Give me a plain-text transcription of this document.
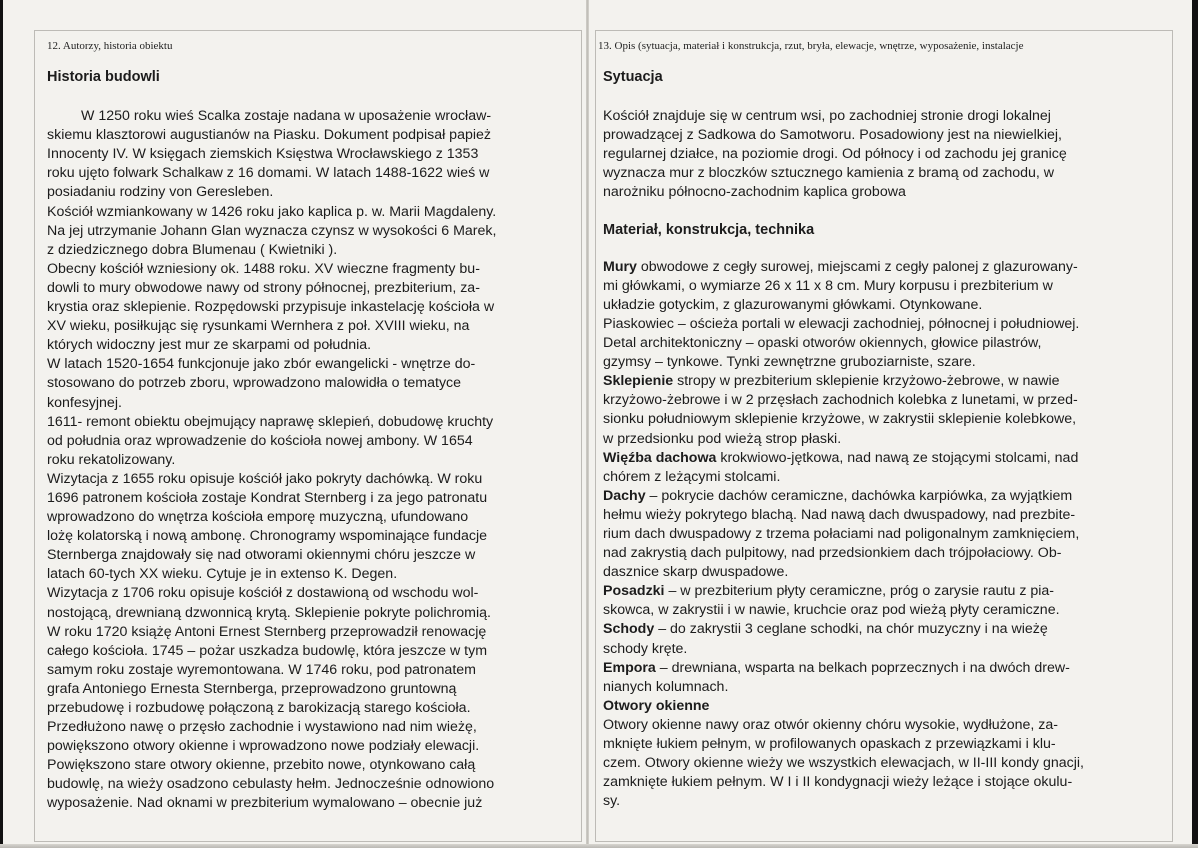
12. Autorzy, historia obiektu	13. Opis (sytuacja, materiał i konstrukcja, rzut, bryła, elewacje, wnętrze, wyposażenie, instalacje
Historia budowli

W 1250 roku wieś Scalka zostaje nadana w uposażenie wrocław-
skiemu klasztorowi augustianów na Piasku. Dokument podpisał papież
Innocenty IV. W księgach ziemskich Księstwa Wrocławskiego z 1353
roku ujęto folwark Schalkaw z 16 domami. W latach 1488-1622 wieś w
posiadaniu rodziny von Geresleben.

Kościół wzmiankowany w 1426 roku jako kaplica p. w. Marii Magdaleny.
Na jej utrzymanie Johann Glan wyznacza czynsz w wysokości 6 Marek,
z dziedzicznego dobra Blumenau ( Kwietniki ).

Obecny kościół wzniesiony ok. 1488 roku. XV wieczne fragmenty bu-
dowli to mury obwodowe nawy od strony północnej, prezbiterium, za-
krystia oraz sklepienie. Rozpędowski przypisuje inkastelację kościoła w
XV wieku, posiłkując się rysunkami Wernhera z poł. XVIII wieku, na
których widoczny jest mur ze skarpami od południa.

W latach 1520-1654 funkcjonuje jako zbór ewangelicki - wnętrze do-
stosowano do potrzeb zboru, wprowadzono malowidła o tematyce
konfesyjnej.

1611- remont obiektu obejmujący naprawę sklepień, dobudowę kruchty
od południa oraz wprowadzenie do kościoła nowej ambony. W 1654
roku rekatolizowany.

Wizytacja z 1655 roku opisuje kościół jako pokryty dachówką. W roku
1696 patronem kościoła zostaje Kondrat Sternberg i za jego patronatu
wprowadzono do wnętrza kościoła emporę muzyczną, ufundowano
lożę kolatorską i nową ambonę. Chronogramy wspominające fundacje
Sternberga znajdowały się nad otworami okiennymi chóru jeszcze w
latach 60-tych XX wieku. Cytuje je in extenso K. Degen.

Wizytacja z 1706 roku opisuje kościół z dostawioną od wschodu wol-
nostojącą, drewnianą dzwonnicą krytą. Sklepienie pokryte polichromią.

W roku 1720 książę Antoni Ernest Sternberg przeprowadził renowację
całego kościoła. 1745 – pożar uszkadza budowlę, która jeszcze w tym
samym roku zostaje wyremontowana. W 1746 roku, pod patronatem
grafa Antoniego Ernesta Sternberga, przeprowadzono gruntowną
przebudowę i rozbudowę połączoną z barokizacją starego kościoła.
Przedłużono nawę o przęsło zachodnie i wystawiono nad nim wieżę,
powiększono otwory okienne i wprowadzono nowe podziały elewacji.
Powiększono stare otwory okienne, przebito nowe, otynkowano całą
budowlę, na wieży osadzono cebulasty hełm. Jednocześnie odnowiono
wyposażenie. Nad oknami w prezbiterium wymalowano – obecnie już

Sytuacja

Kościół znajduje się w centrum wsi, po zachodniej stronie drogi lokalnej
prowadzącej z Sadkowa do Samotworu. Posadowiony jest na niewielkiej,
regularnej działce, na poziomie drogi. Od północy i od zachodu jej granicę
wyznacza mur z bloczków sztucznego kamienia z bramą od zachodu, w
narożniku północno-zachodnim kaplica grobowa

Materiał, konstrukcja, technika

Mury obwodowe z cegły surowej, miejscami z cegły palonej z glazurowany-
mi główkami, o wymiarze 26 x 11 x 8 cm. Mury korpusu i prezbiterium w
układzie gotyckim, z glazurowanymi główkami. Otynkowane.

Piaskowiec – ościeża portali w elewacji zachodniej, północnej i południowej.
Detal architektoniczny – opaski otworów okiennych, głowice pilastrów,
gzymsy – tynkowe. Tynki zewnętrzne gruboziarniste, szare.

Sklepienie stropy w prezbiterium sklepienie krzyżowo-żebrowe, w nawie
krzyżowo-żebrowe i w 2 przęsłach zachodnich kolebka z lunetami, w przed-
sionku południowym sklepienie krzyżowe, w zakrystii sklepienie kolebkowe,
w przedsionku pod wieżą strop płaski.

Więźba dachowa krokwiowo-jętkowa, nad nawą ze stojącymi stolcami, nad
chórem z leżącymi stolcami.

Dachy – pokrycie dachów ceramiczne, dachówka karpiówka, za wyjątkiem
hełmu wieży pokrytego blachą. Nad nawą dach dwuspadowy, nad prezbite-
rium dach dwuspadowy z trzema połaciami nad poligonalnym zamknięciem,
nad zakrystią dach pulpitowy, nad przedsionkiem dach trójpołaciowy. Ob-
dasznice skarp dwuspadowe.

Posadzki – w prezbiterium płyty ceramiczne, próg o zarysie rautu z pia-
skowca, w zakrystii i w nawie, kruchcie oraz pod wieżą płyty ceramiczne.

Schody – do zakrystii 3 ceglane schodki, na chór muzyczny i na wieżę
schody kręte.

Empora – drewniana, wsparta na belkach poprzecznych i na dwóch drew-
nianych kolumnach.

Otwory okienne

Otwory okienne nawy oraz otwór okienny chóru wysokie, wydłużone, za-
mknięte łukiem pełnym, w profilowanych opaskach z przewiązkami i klu-
czem. Otwory okienne wieży we wszystkich elewacjach, w II-III kondy gnacji,
zamknięte łukiem pełnym. W I i II kondygnacji wieży leżące i stojące okulu-
sy.
